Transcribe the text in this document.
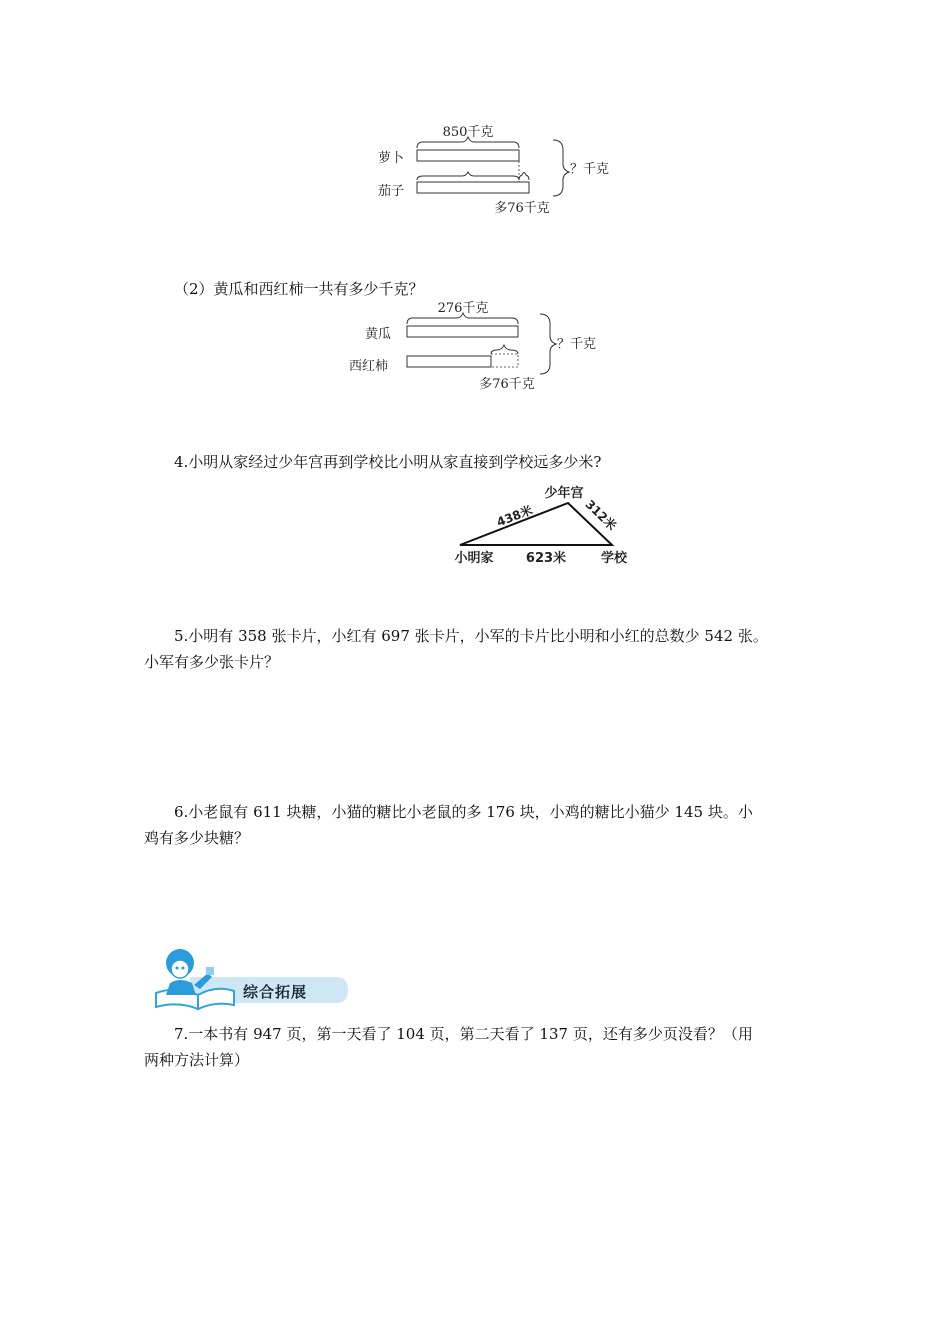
850千克
萝卜
茄子
多76千克
？千克
（2）黄瓜和西红柿一共有多少千克？
276千克
黄瓜
西红柿
多76千克
？千克
4.小明从家经过少年宫再到学校比小明从家直接到学校远多少米?
少年宫
小明家	学校
438米	312米
623米
5.小明有 358 张卡片，小红有 697 张卡片，小军的卡片比小明和小红的总数少 542 张。
小军有多少张卡片？
6.小老鼠有 611 块糖，小猫的糖比小老鼠的多 176 块，小鸡的糖比小猫少 145 块。小
鸡有多少块糖？
综合拓展
7.一本书有 947 页，第一天看了 104 页，第二天看了 137 页，还有多少页没看？（用
两种方法计算）
